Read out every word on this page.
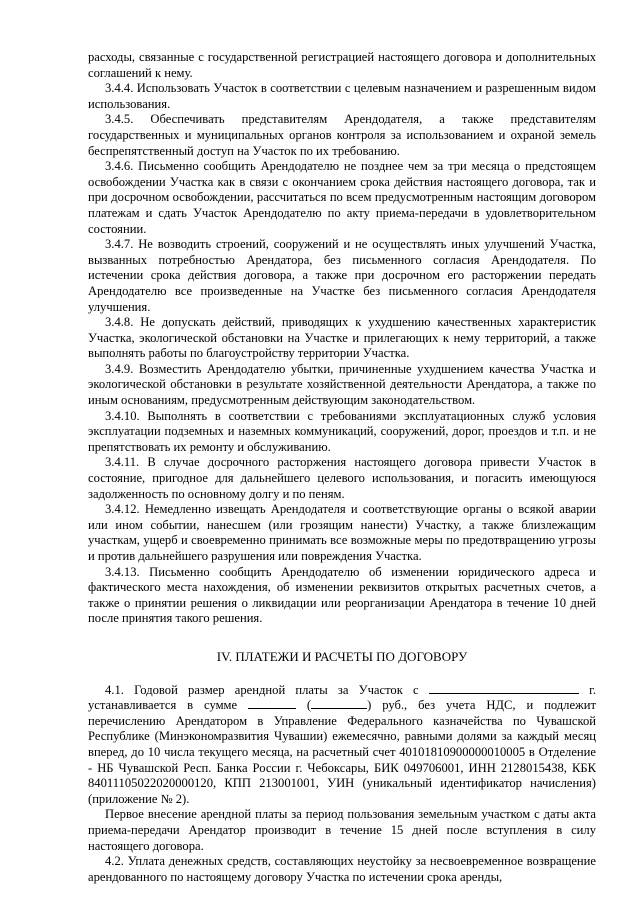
расходы, связанные с государственной регистрацией настоящего договора и дополнительных соглашений к нему.

3.4.4. Использовать Участок в соответствии с целевым назначением и разрешенным видом использования.

3.4.5. Обеспечивать представителям Арендодателя, а также представителям государственных и муниципальных органов контроля за использованием и охраной земель беспрепятственный доступ на Участок по их требованию.

3.4.6. Письменно сообщить Арендодателю не позднее чем за три месяца о предстоящем освобождении Участка как в связи с окончанием срока действия настоящего договора, так и при досрочном освобождении, рассчитаться по всем предусмотренным настоящим договором платежам и сдать Участок Арендодателю по акту приема-передачи в удовлетворительном состоянии.

3.4.7. Не возводить строений, сооружений и не осуществлять иных улучшений Участка, вызванных потребностью Арендатора, без письменного согласия Арендодателя. По истечении срока действия договора, а также при досрочном его расторжении передать Арендодателю все произведенные на Участке без письменного согласия Арендодателя улучшения.

3.4.8. Не допускать действий, приводящих к ухудшению качественных характеристик Участка, экологической обстановки на Участке и прилегающих к нему территорий, а также выполнять работы по благоустройству территории Участка.

3.4.9. Возместить Арендодателю убытки, причиненные ухудшением качества Участка и экологической обстановки в результате хозяйственной деятельности Арендатора, а также по иным основаниям, предусмотренным действующим законодательством.

3.4.10. Выполнять в соответствии с требованиями эксплуатационных служб условия эксплуатации подземных и наземных коммуникаций, сооружений, дорог, проездов и т.п. и не препятствовать их ремонту и обслуживанию.

3.4.11. В случае досрочного расторжения настоящего договора привести Участок в состояние, пригодное для дальнейшего целевого использования, и погасить имеющуюся задолженность по основному долгу и по пеням.

3.4.12. Немедленно извещать Арендодателя и соответствующие органы о всякой аварии или ином событии, нанесшем (или грозящим нанести) Участку, а также близлежащим участкам, ущерб и своевременно принимать все возможные меры по предотвращению угрозы и против дальнейшего разрушения или повреждения Участка.

3.4.13. Письменно сообщить Арендодателю об изменении юридического адреса и фактического места нахождения, об изменении реквизитов открытых расчетных счетов, а также о принятии решения о ликвидации или реорганизации Арендатора в течение 10 дней после принятия такого решения.

IV. ПЛАТЕЖИ И РАСЧЕТЫ ПО ДОГОВОРУ

4.1. Годовой размер арендной платы за Участок с	г. устанавливается в сумме	(	) руб., без учета НДС, и подлежит перечислению Арендатором в Управление Федерального казначейства по Чувашской Республике (Минэкономразвития Чувашии) ежемесячно, равными долями за каждый месяц вперед, до 10 числа текущего месяца, на расчетный счет 40101810900000010005 в Отделение - НБ Чувашской Респ. Банка России г. Чебоксары, БИК 049706001, ИНН 2128015438, КБК 84011105022020000120, КПП 213001001, УИН (уникальный идентификатор начисления) (приложение № 2).

Первое внесение арендной платы за период пользования земельным участком с даты акта приема-передачи Арендатор производит в течение 15 дней после вступления в силу настоящего договора.

4.2. Уплата денежных средств, составляющих неустойку за несвоевременное возвращение арендованного по настоящему договору Участка по истечении срока аренды,
